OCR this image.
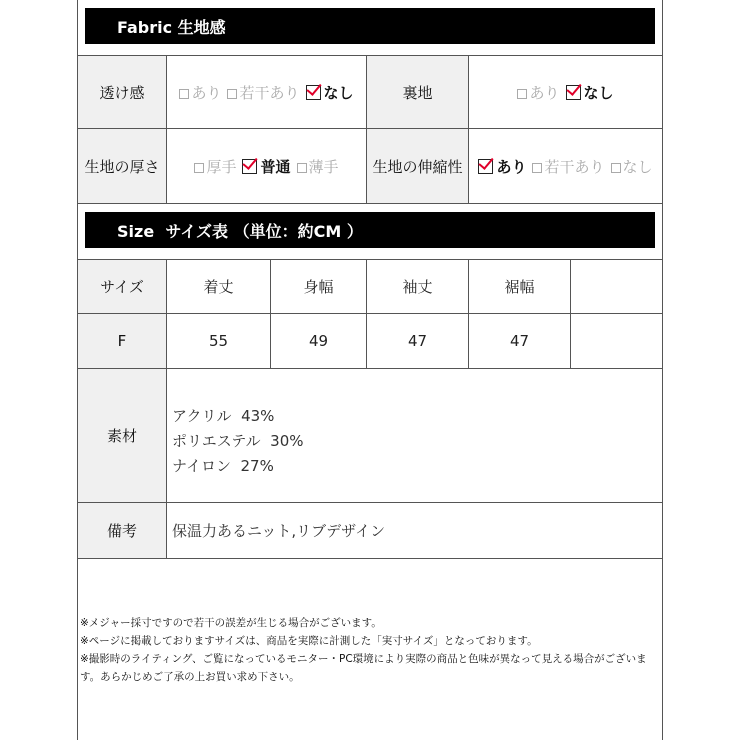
Fabric 生地感
透け感	あり 若干あり なし	裏地	あり なし
生地の厚さ	厚手 普通 薄手	生地の伸縮性	あり 若干あり なし
Size  サイズ表 （単位：約CM ）
サイズ	着丈	身幅	袖丈	裾幅
F	55	49	47	47
素材
アクリル  43%
ポリエステル  30%
ナイロン  27%
備考	保温力あるニット,リブデザイン
※メジャー採寸ですので若干の誤差が生じる場合がございます。
※ページに掲載しておりますサイズは、商品を実際に計測した「実寸サイズ」となっております。
※撮影時のライティング、ご覧になっているモニター・PC環境により実際の商品と色味が異なって見える場合がございます。あらかじめご了承の上お買い求め下さい。
